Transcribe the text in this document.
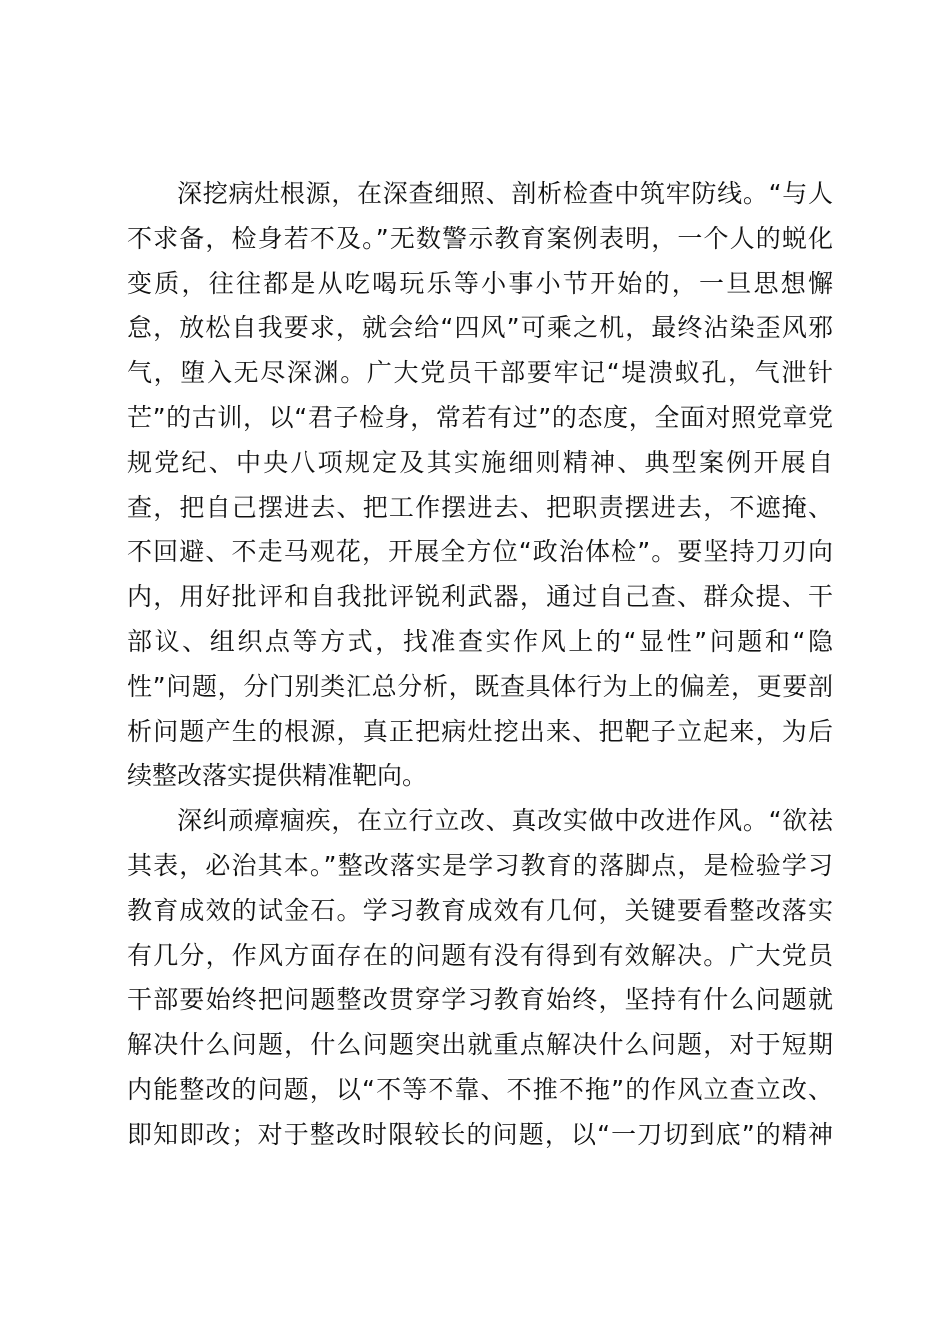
深挖病灶根源，在深查细照、剖析检查中筑牢防线。“与人
不求备，检身若不及。”无数警示教育案例表明，一个人的蜕化
变质，往往都是从吃喝玩乐等小事小节开始的，一旦思想懈
怠，放松自我要求，就会给“四风”可乘之机，最终沾染歪风邪
气，堕入无尽深渊。广大党员干部要牢记“堤溃蚁孔，气泄针
芒”的古训，以“君子检身，常若有过”的态度，全面对照党章党
规党纪、中央八项规定及其实施细则精神、典型案例开展自
查，把自己摆进去、把工作摆进去、把职责摆进去，不遮掩、
不回避、不走马观花，开展全方位“政治体检”。要坚持刀刃向
内，用好批评和自我批评锐利武器，通过自己查、群众提、干
部议、组织点等方式，找准查实作风上的“显性”问题和“隐
性”问题，分门别类汇总分析，既查具体行为上的偏差，更要剖
析问题产生的根源，真正把病灶挖出来、把靶子立起来，为后
续整改落实提供精准靶向。
深纠顽瘴痼疾，在立行立改、真改实做中改进作风。“欲祛
其表，必治其本。”整改落实是学习教育的落脚点，是检验学习
教育成效的试金石。学习教育成效有几何，关键要看整改落实
有几分，作风方面存在的问题有没有得到有效解决。广大党员
干部要始终把问题整改贯穿学习教育始终，坚持有什么问题就
解决什么问题，什么问题突出就重点解决什么问题，对于短期
内能整改的问题，以“不等不靠、不推不拖”的作风立查立改、
即知即改；对于整改时限较长的问题，以“一刀切到底”的精神
